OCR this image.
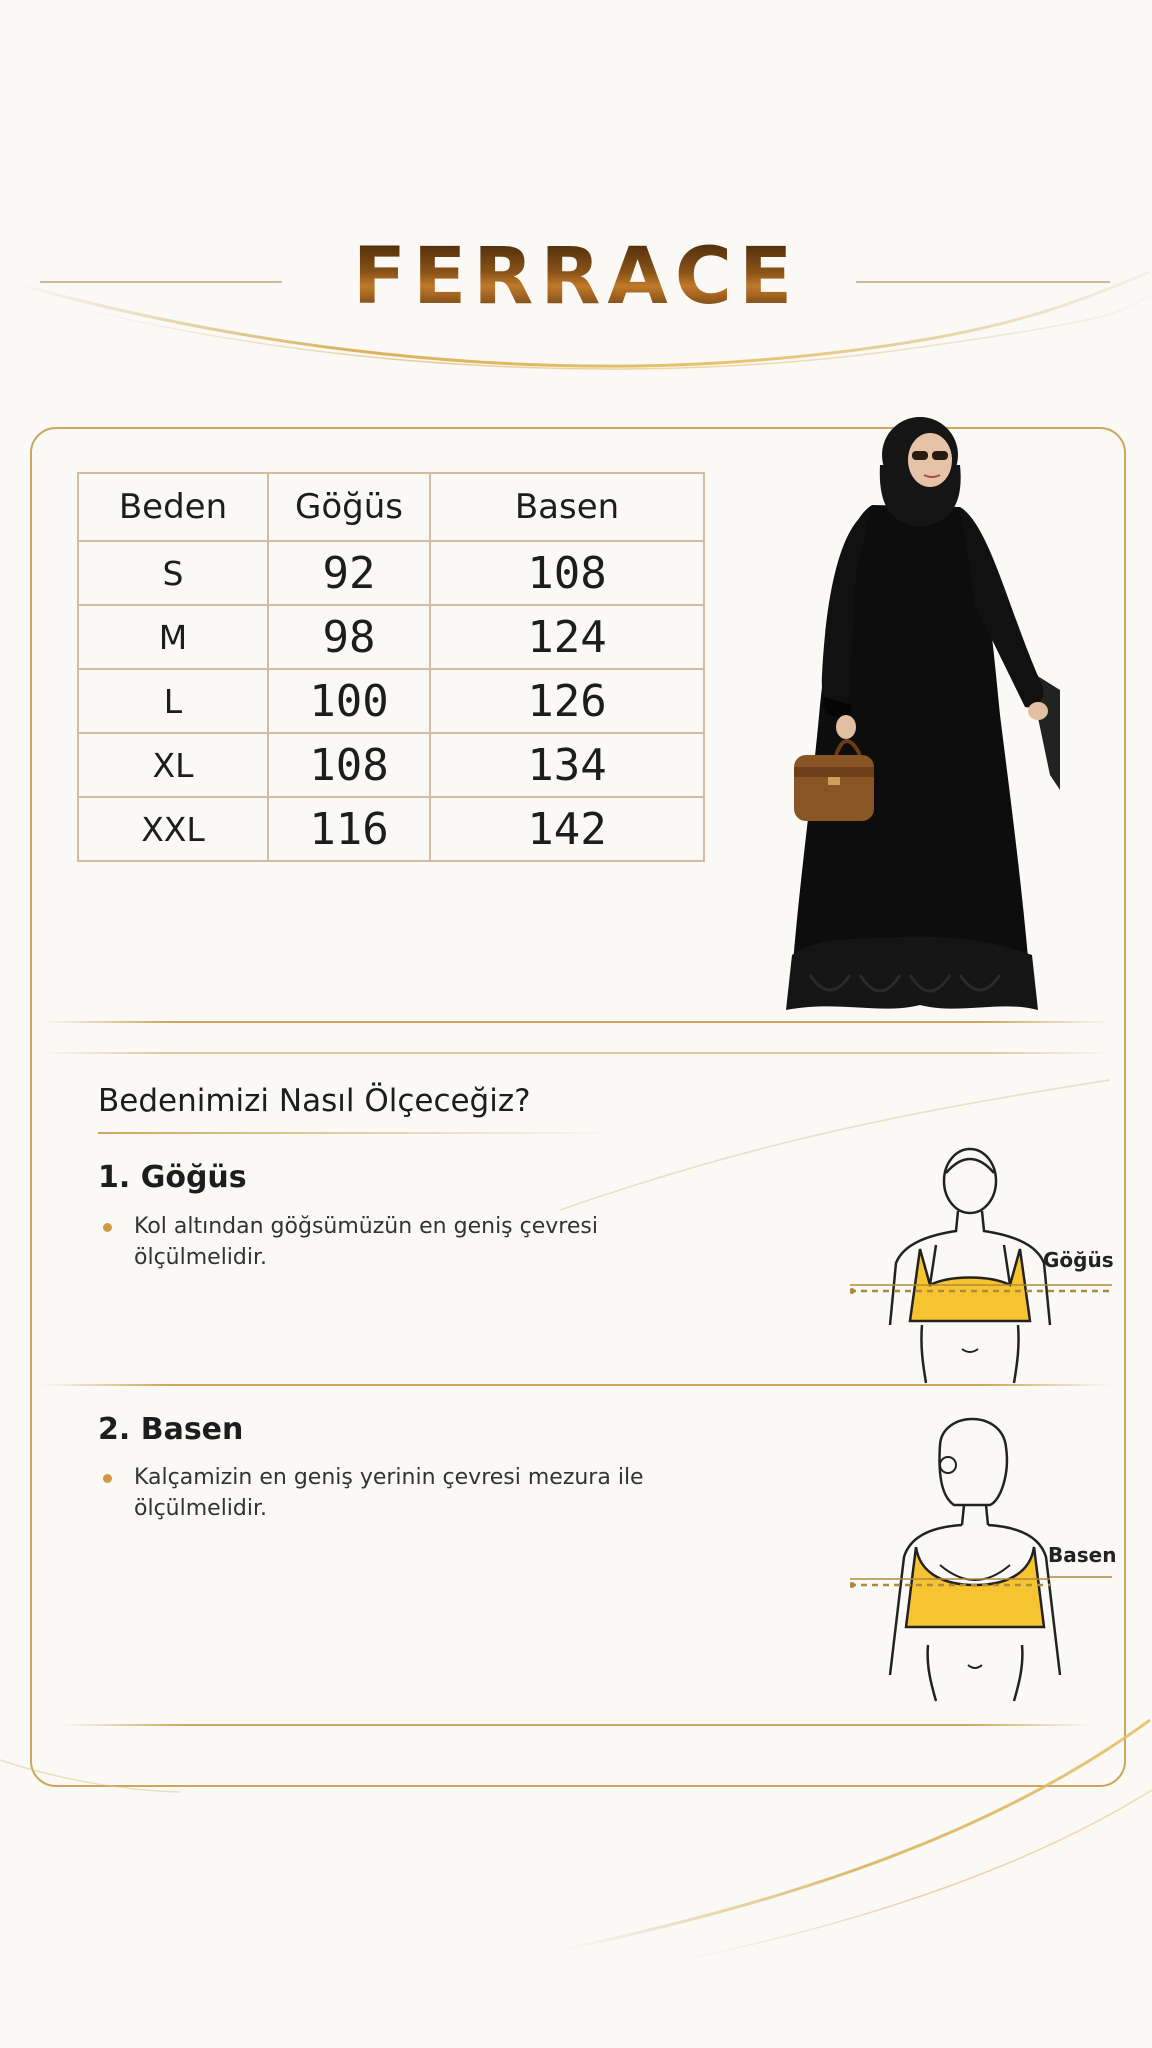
FERRACE
Beden	Göğüs	Basen
S	92	108
M	98	124
L	100	126
XL	108	134
XXL	116	142
Bedenimizi Nasıl Ölçeceğiz?
1. Göğüs
Kol altından göğsümüzün en geniş çevresi ölçülmelidir.	Göğüs
2. Basen
Kalçamizin en geniş yerinin çevresi mezura ile ölçülmelidir.
Basen
